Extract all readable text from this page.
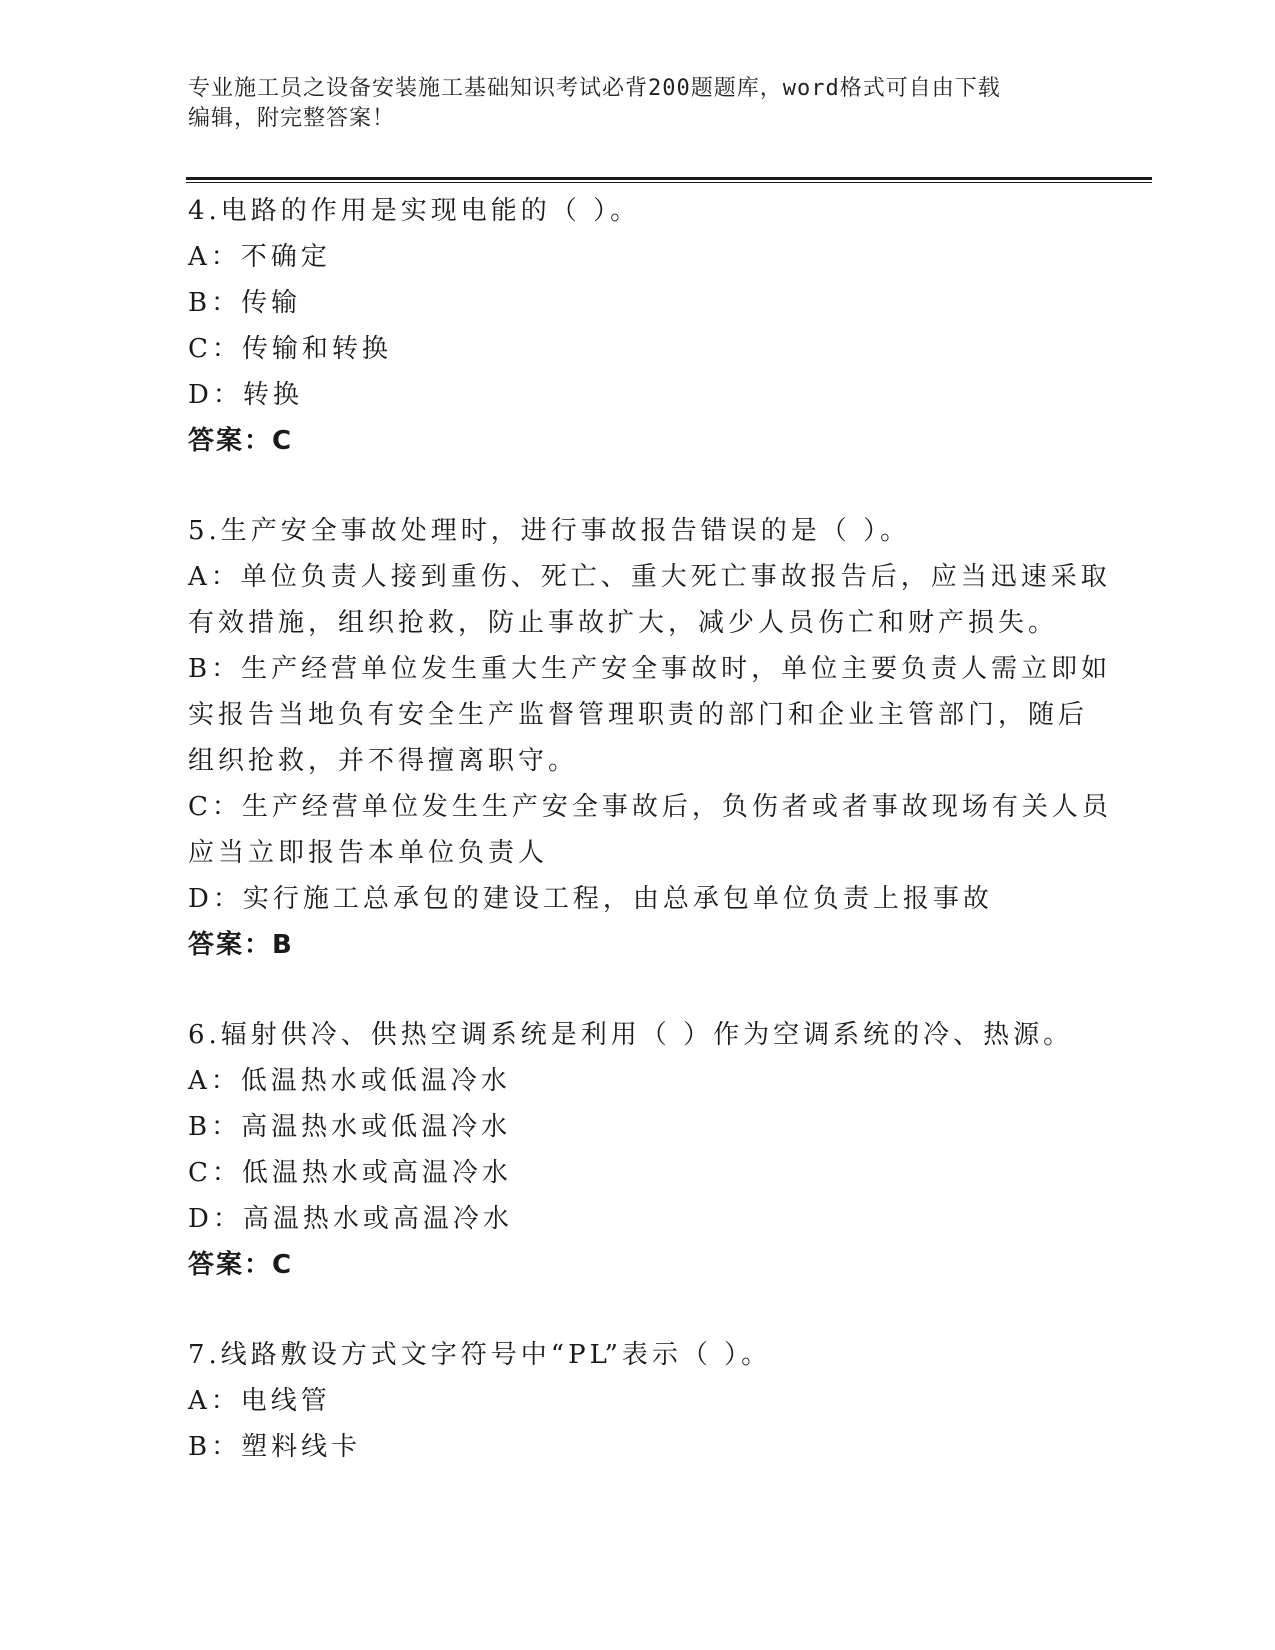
专业施工员之设备安装施工基础知识考试必背200题题库，word格式可自由下载
编辑，附完整答案！
4.电路的作用是实现电能的（ ）。
A：不确定
B：传输
C：传输和转换
D：转换
答案：C
5.生产安全事故处理时，进行事故报告错误的是（ ）。
A：单位负责人接到重伤、死亡、重大死亡事故报告后，应当迅速采取
有效措施，组织抢救，防止事故扩大，减少人员伤亡和财产损失。
B：生产经营单位发生重大生产安全事故时，单位主要负责人需立即如
实报告当地负有安全生产监督管理职责的部门和企业主管部门，随后
组织抢救，并不得擅离职守。
C：生产经营单位发生生产安全事故后，负伤者或者事故现场有关人员
应当立即报告本单位负责人
D：实行施工总承包的建设工程，由总承包单位负责上报事故
答案：B
6.辐射供冷、供热空调系统是利用（ ）作为空调系统的冷、热源。
A：低温热水或低温冷水
B：高温热水或低温冷水
C：低温热水或高温冷水
D：高温热水或高温冷水
答案：C
7.线路敷设方式文字符号中“PL”表示（ ）。
A：电线管
B：塑料线卡
